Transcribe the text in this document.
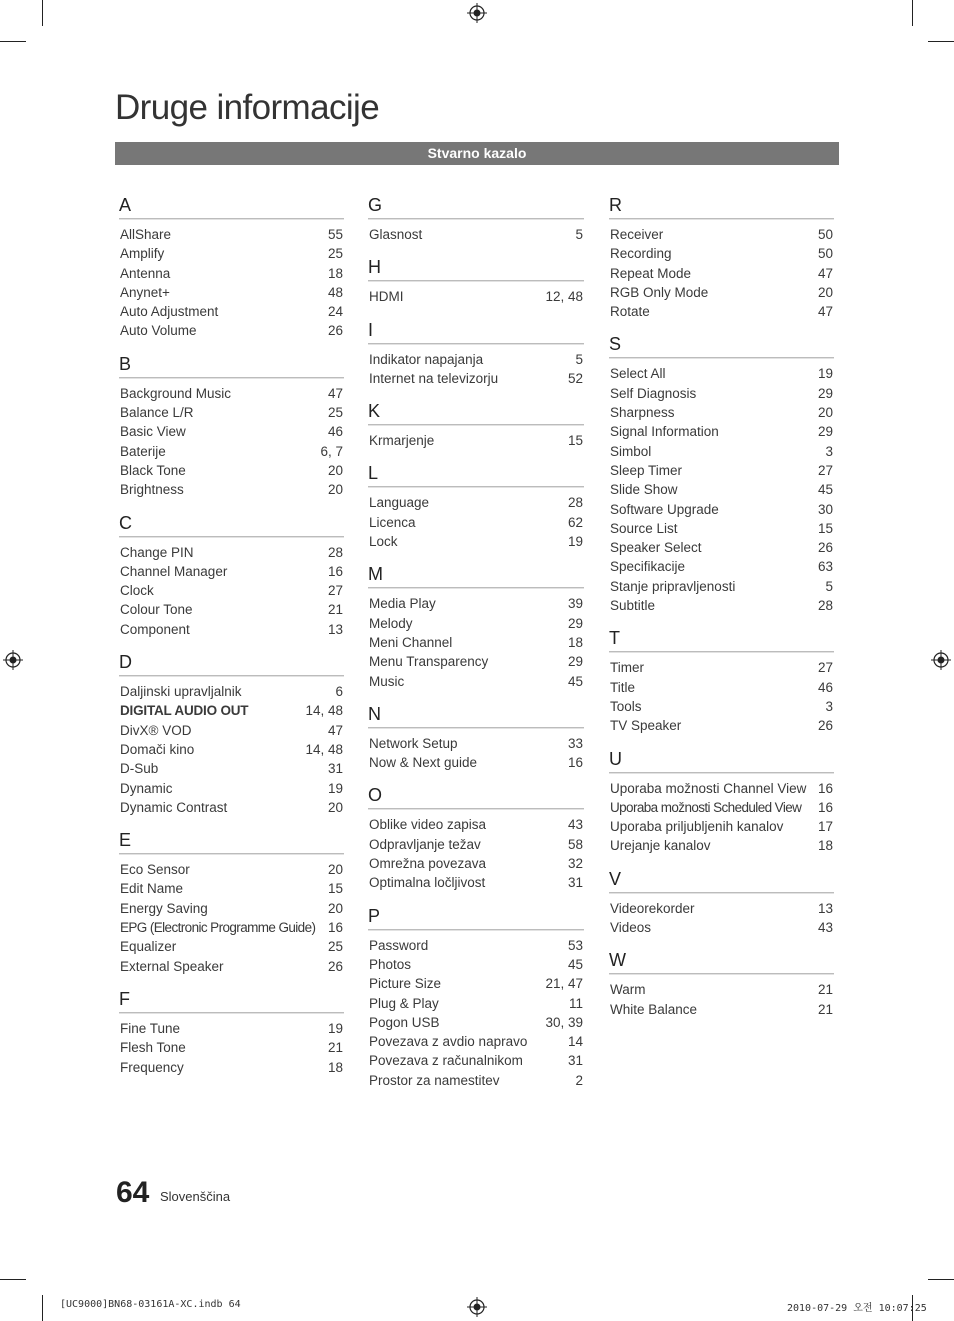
Druge informacije
Stvarno kazalo
A
AllShare	55
Amplify	25
Antenna	18
Anynet+	48
Auto Adjustment	24
Auto Volume	26
B
Background Music	47
Balance L/R	25
Basic View	46
Baterije	6, 7
Black Tone	20
Brightness	20
C
Change PIN	28
Channel Manager	16
Clock	27
Colour Tone	21
Component	13
D
Daljinski upravljalnik	6
DIGITAL AUDIO OUT	14, 48
DivX® VOD	47
Domači kino	14, 48
D-Sub	31
Dynamic	19
Dynamic Contrast	20
E
Eco Sensor	20
Edit Name	15
Energy Saving	20
EPG (Electronic Programme Guide) 16
Equalizer	25
External Speaker	26
F
Fine Tune	19
Flesh Tone	21
Frequency	18
G
Glasnost	5
H
HDMI	12, 48
I
Indikator napajanja	5
Internet na televizorju	52
K
Krmarjenje	15
L
Language	28
Licenca	62
Lock	19
M
Media Play	39
Melody	29
Meni Channel	18
Menu Transparency	29
Music	45
N
Network Setup	33
Now & Next guide	16
O
Oblike video zapisa	43
Odpravljanje težav	58
Omrežna povezava	32
Optimalna ločljivost	31
P
Password	53
Photos	45
Picture Size	21, 47
Plug & Play	11
Pogon USB	30, 39
Povezava z avdio napravo	14
Povezava z računalnikom	31
Prostor za namestitev	2
R
Receiver	50
Recording	50
Repeat Mode	47
RGB Only Mode	20
Rotate	47
S
Select All	19
Self Diagnosis	29
Sharpness	20
Signal Information	29
Simbol	3
Sleep Timer	27
Slide Show	45
Software Upgrade	30
Source List	15
Speaker Select	26
Specifikacije	63
Stanje pripravljenosti	5
Subtitle	28
T
Timer	27
Title	46
Tools	3
TV Speaker	26
U
Uporaba možnosti Channel View 16
Uporaba možnosti Scheduled View 16
Uporaba priljubljenih kanalov	17
Urejanje kanalov	18
V
Videorekorder	13
Videos	43
W
Warm	21
White Balance	21
64 Slovenščina
[UC9000]BN68-03161A-XC.indb 64	2010-07-29 오전 10:07:25
